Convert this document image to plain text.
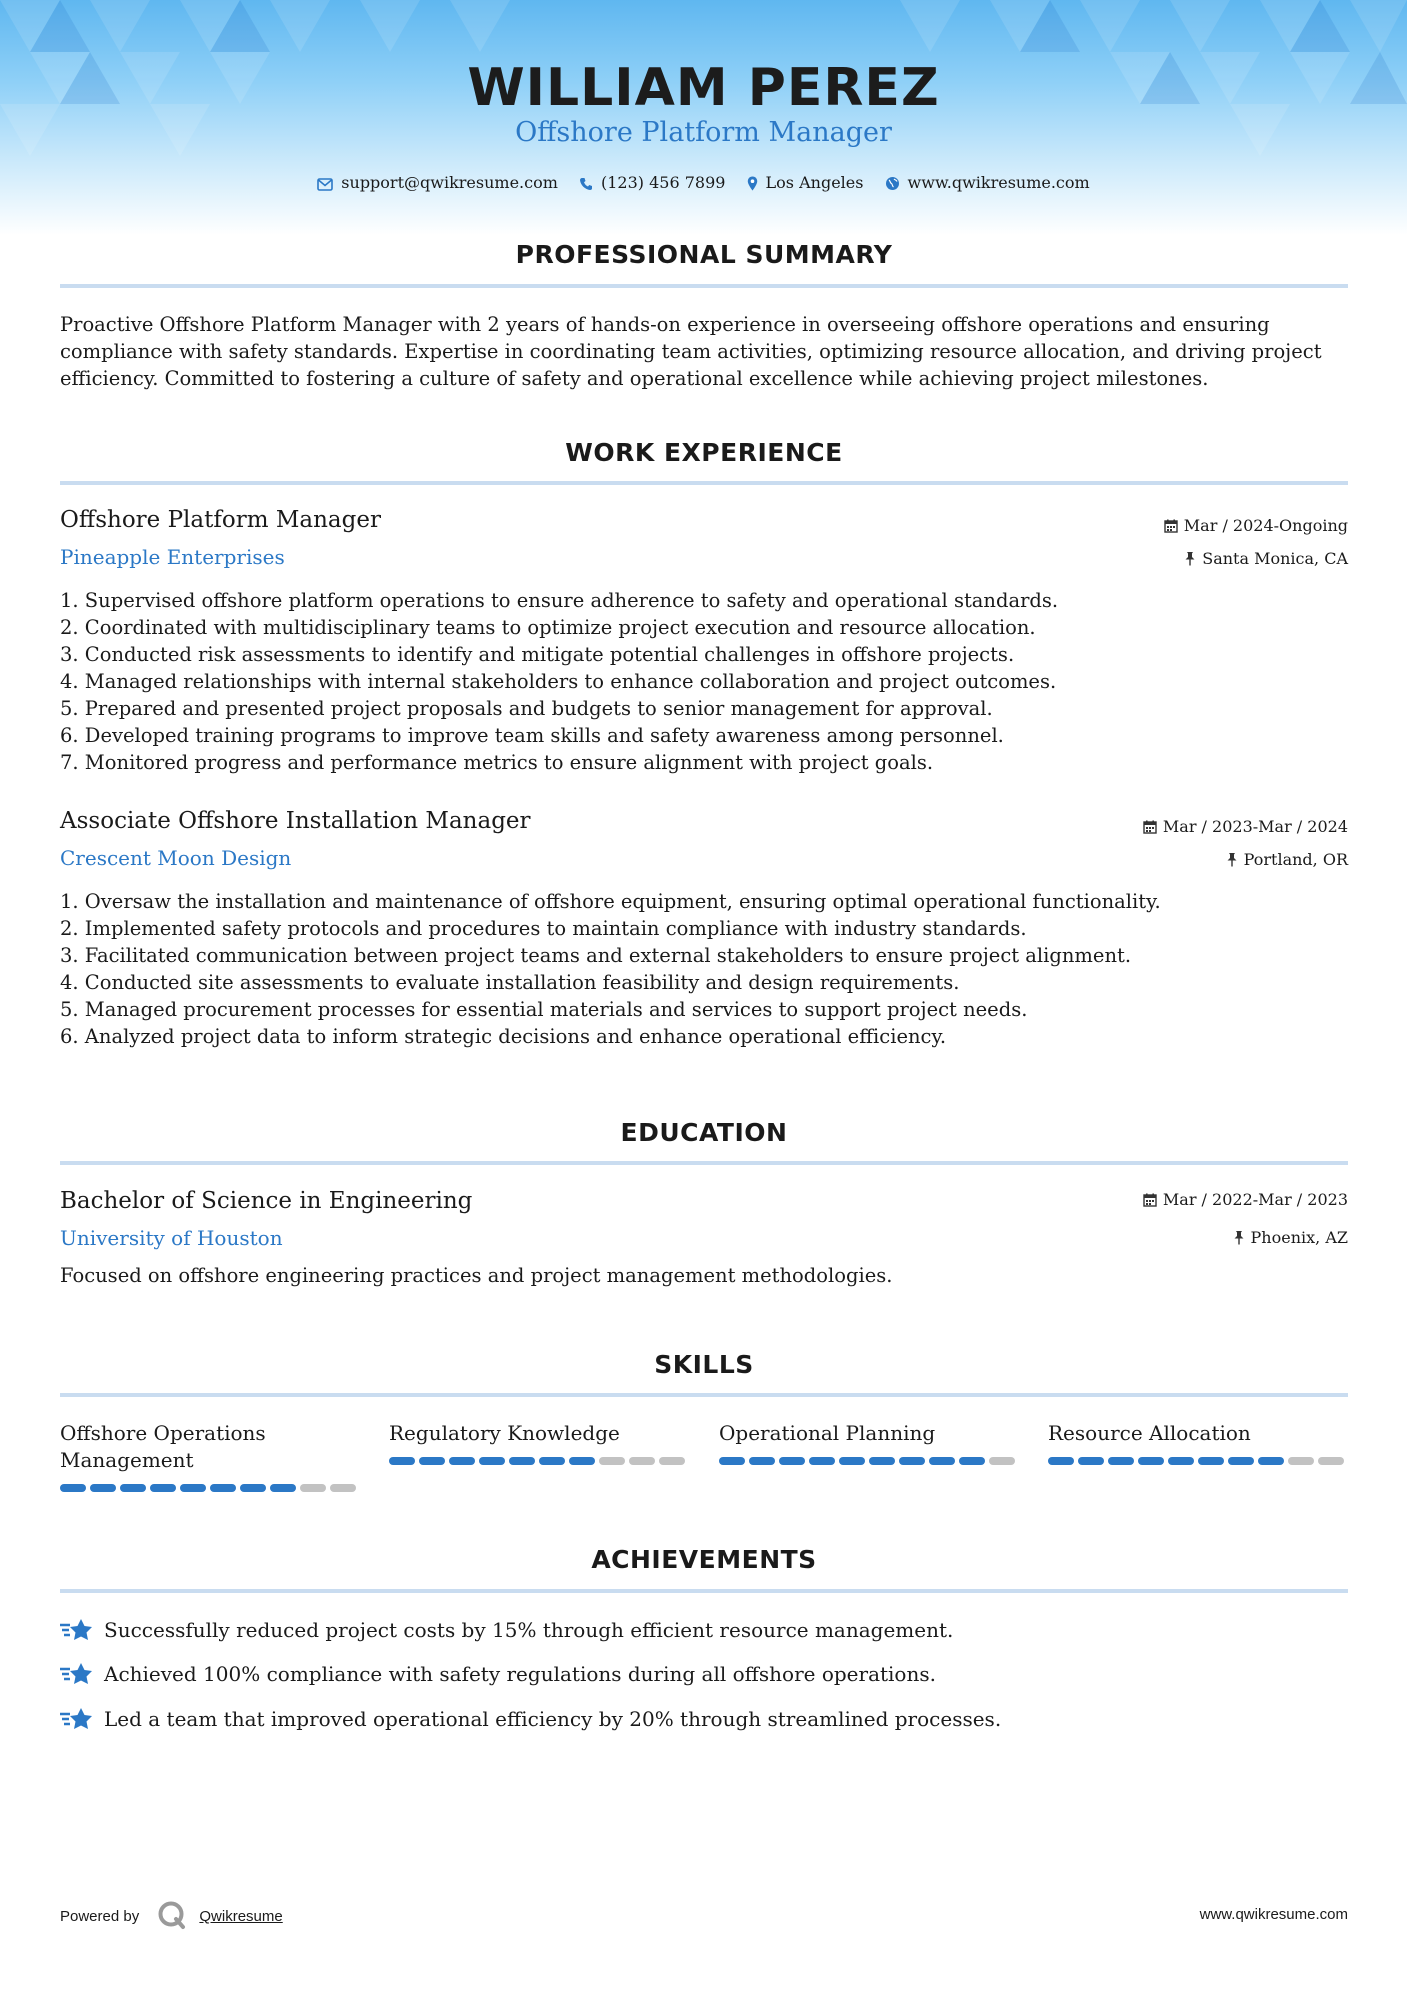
WILLIAM PEREZ
Offshore Platform Manager
support@qwikresume.com	(123) 456 7899	Los Angeles	www.qwikresume.com
PROFESSIONAL SUMMARY
Proactive Offshore Platform Manager with 2 years of hands-on experience in overseeing offshore operations and ensuring compliance with safety standards. Expertise in coordinating team activities, optimizing resource allocation, and driving project efficiency. Committed to fostering a culture of safety and operational excellence while achieving project milestones.
WORK EXPERIENCE
Offshore Platform Manager
Pineapple Enterprises
Mar / 2024-Ongoing
Santa Monica, CA
1. Supervised offshore platform operations to ensure adherence to safety and operational standards.
2. Coordinated with multidisciplinary teams to optimize project execution and resource allocation.
3. Conducted risk assessments to identify and mitigate potential challenges in offshore projects.
4. Managed relationships with internal stakeholders to enhance collaboration and project outcomes.
5. Prepared and presented project proposals and budgets to senior management for approval.
6. Developed training programs to improve team skills and safety awareness among personnel.
7. Monitored progress and performance metrics to ensure alignment with project goals.
Associate Offshore Installation Manager
Crescent Moon Design
Mar / 2023-Mar / 2024
Portland, OR
1. Oversaw the installation and maintenance of offshore equipment, ensuring optimal operational functionality.
2. Implemented safety protocols and procedures to maintain compliance with industry standards.
3. Facilitated communication between project teams and external stakeholders to ensure project alignment.
4. Conducted site assessments to evaluate installation feasibility and design requirements.
5. Managed procurement processes for essential materials and services to support project needs.
6. Analyzed project data to inform strategic decisions and enhance operational efficiency.
EDUCATION
Bachelor of Science in Engineering
University of Houston
Mar / 2022-Mar / 2023
Phoenix, AZ
Focused on offshore engineering practices and project management methodologies.
SKILLS
Offshore Operations Management
Regulatory Knowledge	Operational Planning	Resource Allocation
ACHIEVEMENTS
Successfully reduced project costs by 15% through efficient resource management.
Achieved 100% compliance with safety regulations during all offshore operations.
Led a team that improved operational efficiency by 20% through streamlined processes.
Powered by	Qwikresume	www.qwikresume.com
